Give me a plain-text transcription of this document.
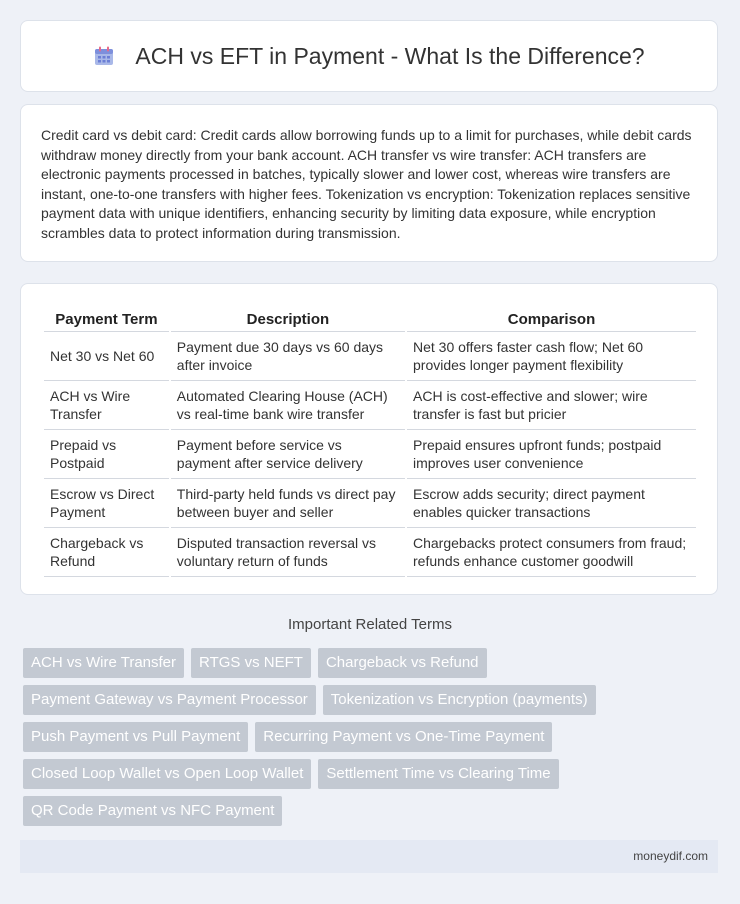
ACH vs EFT in Payment - What Is the Difference?
Credit card vs debit card: Credit cards allow borrowing funds up to a limit for purchases, while debit cards withdraw money directly from your bank account. ACH transfer vs wire transfer: ACH transfers are electronic payments processed in batches, typically slower and lower cost, whereas wire transfers are instant, one-to-one transfers with higher fees. Tokenization vs encryption: Tokenization replaces sensitive payment data with unique identifiers, enhancing security by limiting data exposure, while encryption scrambles data to protect information during transmission.
Payment Term	Description	Comparison
Net 30 vs Net 60	Payment due 30 days vs 60 days after invoice	Net 30 offers faster cash flow; Net 60 provides longer payment flexibility
ACH vs Wire Transfer	Automated Clearing House (ACH) vs real-time bank wire transfer	ACH is cost-effective and slower; wire transfer is fast but pricier
Prepaid vs Postpaid	Payment before service vs payment after service delivery	Prepaid ensures upfront funds; postpaid improves user convenience
Escrow vs Direct Payment	Third-party held funds vs direct pay between buyer and seller	Escrow adds security; direct payment enables quicker transactions
Chargeback vs Refund	Disputed transaction reversal vs voluntary return of funds	Chargebacks protect consumers from fraud; refunds enhance customer goodwill
Important Related Terms
ACH vs Wire Transfer	RTGS vs NEFT	Chargeback vs Refund
Payment Gateway vs Payment Processor	Tokenization vs Encryption (payments)
Push Payment vs Pull Payment	Recurring Payment vs One-Time Payment
Closed Loop Wallet vs Open Loop Wallet	Settlement Time vs Clearing Time
QR Code Payment vs NFC Payment
moneydif.com
